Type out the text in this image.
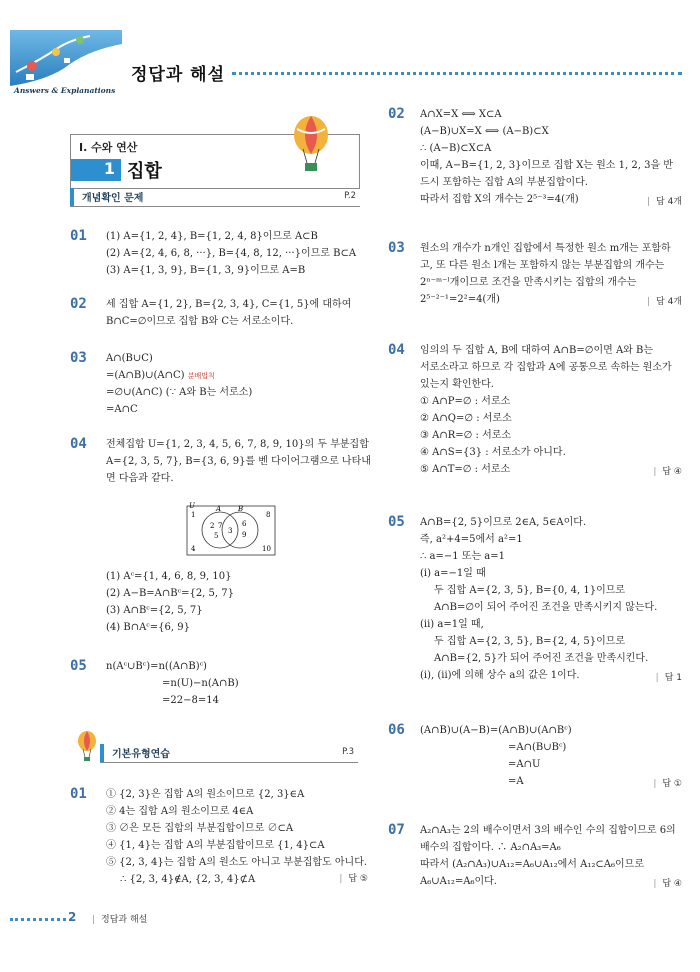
Answers & Explanations
정답과 해설
Ⅰ. 수와 연산
1 집합
개념확인 문제	P.2
01 (1) A={1, 2, 4}, B={1, 2, 4, 8}이므로 A⊂B
(2) A={2, 4, 6, 8, ···}, B={4, 8, 12, ···}이므로 B⊂A
(3) A={1, 3, 9}, B={1, 3, 9}이므로 A=B
02 세 집합 A={1, 2}, B={2, 3, 4}, C={1, 5}에 대하여
B∩C=∅이므로 집합 B와 C는 서로소이다.
03 A∩(B∪C)
=(A∩B)∪(A∩C) 분배법칙
=∅∪(A∩C) (∵ A와 B는 서로소)
=A∩C
04 전체집합 U={1, 2, 3, 4, 5, 6, 7, 8, 9, 10}의 두 부분집합
A={2, 3, 5, 7}, B={3, 6, 9}를 벤 다이어그램으로 나타내
면 다음과 같다.
(1) Aᶜ={1, 4, 6, 8, 9, 10}
(2) A−B=A∩Bᶜ={2, 5, 7}
(3) A∩Bᶜ={2, 5, 7}
(4) B∩Aᶜ={6, 9}
05 n(Aᶜ∪Bᶜ)=n((A∩B)ᶜ)
=n(U)−n(A∩B)
=22−8=14
01 ① {2, 3}은 집합 A의 원소이므로 {2, 3}∈A
② 4는 집합 A의 원소이므로 4∈A
③ ∅은 모든 집합의 부분집합이므로 ∅⊂A
④ {1, 4}는 집합 A의 부분집합이므로 {1, 4}⊂A
⑤ {2, 3, 4}는 집합 A의 원소도 아니고 부분집합도 아니다.
∴ {2, 3, 4}∉A, {2, 3, 4}⊄A	| 답 ⑤
U	A B
2 7
5
3
6
9
1	8
4	10
기본유형연습	P.3
02 A∩X=X ⟺ X⊂A
(A−B)∪X=X ⟺ (A−B)⊂X
∴ (A−B)⊂X⊂A
이때, A−B={1, 2, 3}이므로 집합 X는 원소 1, 2, 3을 반
드시 포함하는 집합 A의 부분집합이다.
따라서 집합 X의 개수는 2⁵⁻³=4(개)	| 답 4개
03 원소의 개수가 n개인 집합에서 특정한 원소 m개는 포함하
고, 또 다른 원소 l개는 포함하지 않는 부분집합의 개수는
2ⁿ⁻ᵐ⁻ˡ개이므로 조건을 만족시키는 집합의 개수는
2⁵⁻²⁻¹=2²=4(개)	| 답 4개
04 임의의 두 집합 A, B에 대하여 A∩B=∅이면 A와 B는
서로소라고 하므로 각 집합과 A에 공통으로 속하는 원소가
있는지 확인한다.
① A∩P=∅ : 서로소
② A∩Q=∅ : 서로소
③ A∩R=∅ : 서로소
④ A∩S={3} : 서로소가 아니다.
⑤ A∩T=∅ : 서로소	| 답 ④
05 A∩B={2, 5}이므로 2∈A, 5∈A이다.
즉, a²+4=5에서 a²=1
∴ a=−1 또는 a=1
(i) a=−1일 때
두 집합 A={2, 3, 5}, B={0, 4, 1}이므로
A∩B=∅이 되어 주어진 조건을 만족시키지 않는다.
(ii) a=1일 때,
두 집합 A={2, 3, 5}, B={2, 4, 5}이므로
A∩B={2, 5}가 되어 주어진 조건을 만족시킨다.
(i), (ii)에 의해 상수 a의 값은 1이다.	| 답 1
06 (A∩B)∪(A−B)=(A∩B)∪(A∩Bᶜ)
=A∩(B∪Bᶜ)
=A∩U
=A	| 답 ①
07 A₂∩A₃는 2의 배수이면서 3의 배수인 수의 집합이므로 6의
배수의 집합이다. ∴ A₂∩A₃=A₆
따라서 (A₂∩A₃)∪A₁₂=A₆∪A₁₂에서 A₁₂⊂A₆이므로
A₆∪A₁₂=A₆이다.	| 답 ④
2	| 정답과 해설
